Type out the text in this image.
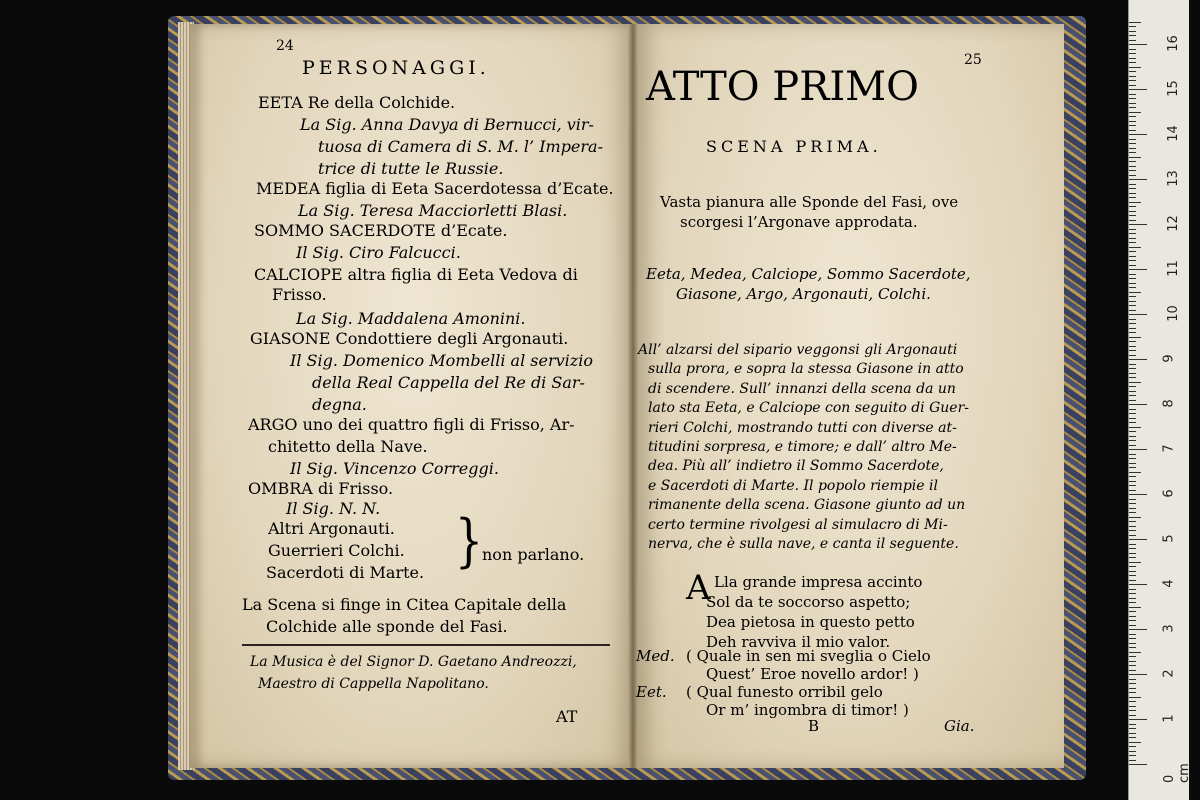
24
PERSONAGGI.
EETA Re della Colchide.
La Sig. Anna Davya di Bernucci, vir-
tuosa di Camera di S. M. l’ Impera-
trice di tutte le Russie.
MEDEA figlia di Eeta Sacerdotessa d’Ecate.
La Sig. Teresa Macciorletti Blasi.
SOMMO SACERDOTE d’Ecate.
Il Sig. Ciro Falcucci.
CALCIOPE altra figlia di Eeta Vedova di
Frisso.
La Sig. Maddalena Amonini.
GIASONE Condottiere degli Argonauti.
Il Sig. Domenico Mombelli al servizio
della Real Cappella del Re di Sar-
degna.
ARGO uno dei quattro figli di Frisso, Ar-
chitetto della Nave.
Il Sig. Vincenzo Correggi.
OMBRA di Frisso.
Il Sig. N. N.
Altri Argonauti.
Guerrieri Colchi.
Sacerdoti di Marte.
non parlano.
La Scena si finge in Citea Capitale della
Colchide alle sponde del Fasi.
La Musica è del Signor D. Gaetano Andreozzi,
Maestro di Cappella Napolitano.
AT
25
ATTO PRIMO
SCENA PRIMA.
Vasta pianura alle Sponde del Fasi, ove
scorgesi l’Argonave approdata.
Eeta, Medea, Calciope, Sommo Sacerdote,
Giasone, Argo, Argonauti, Colchi.
All’ alzarsi del sipario veggonsi gli Argonauti
sulla prora, e sopra la stessa Giasone in atto
di scendere. Sull’ innanzi della scena da un
lato sta Eeta, e Calciope con seguito di Guer-
rieri Colchi, mostrando tutti con diverse at-
titudini sorpresa, e timore; e dall’ altro Me-
dea. Più all’ indietro il Sommo Sacerdote,
e Sacerdoti di Marte. Il popolo riempie il
rimanente della scena. Giasone giunto ad un
certo termine rivolgesi al simulacro di Mi-
nerva, che è sulla nave, e canta il seguente.
A Lla grande impresa accinto
Sol da te soccorso aspetto;
Dea pietosa in questo petto
Deh ravviva il mio valor.
Med. ( Quale in sen mi sveglia o Cielo
Quest’ Eroe novello ardor! )
Eet. ( Qual funesto orribil gelo
Or m’ ingombra di timor! )
B	Gia.
}
16
15
14
13
12
11
10
9
8
7
6
5
4
3
2
1
0 cm
